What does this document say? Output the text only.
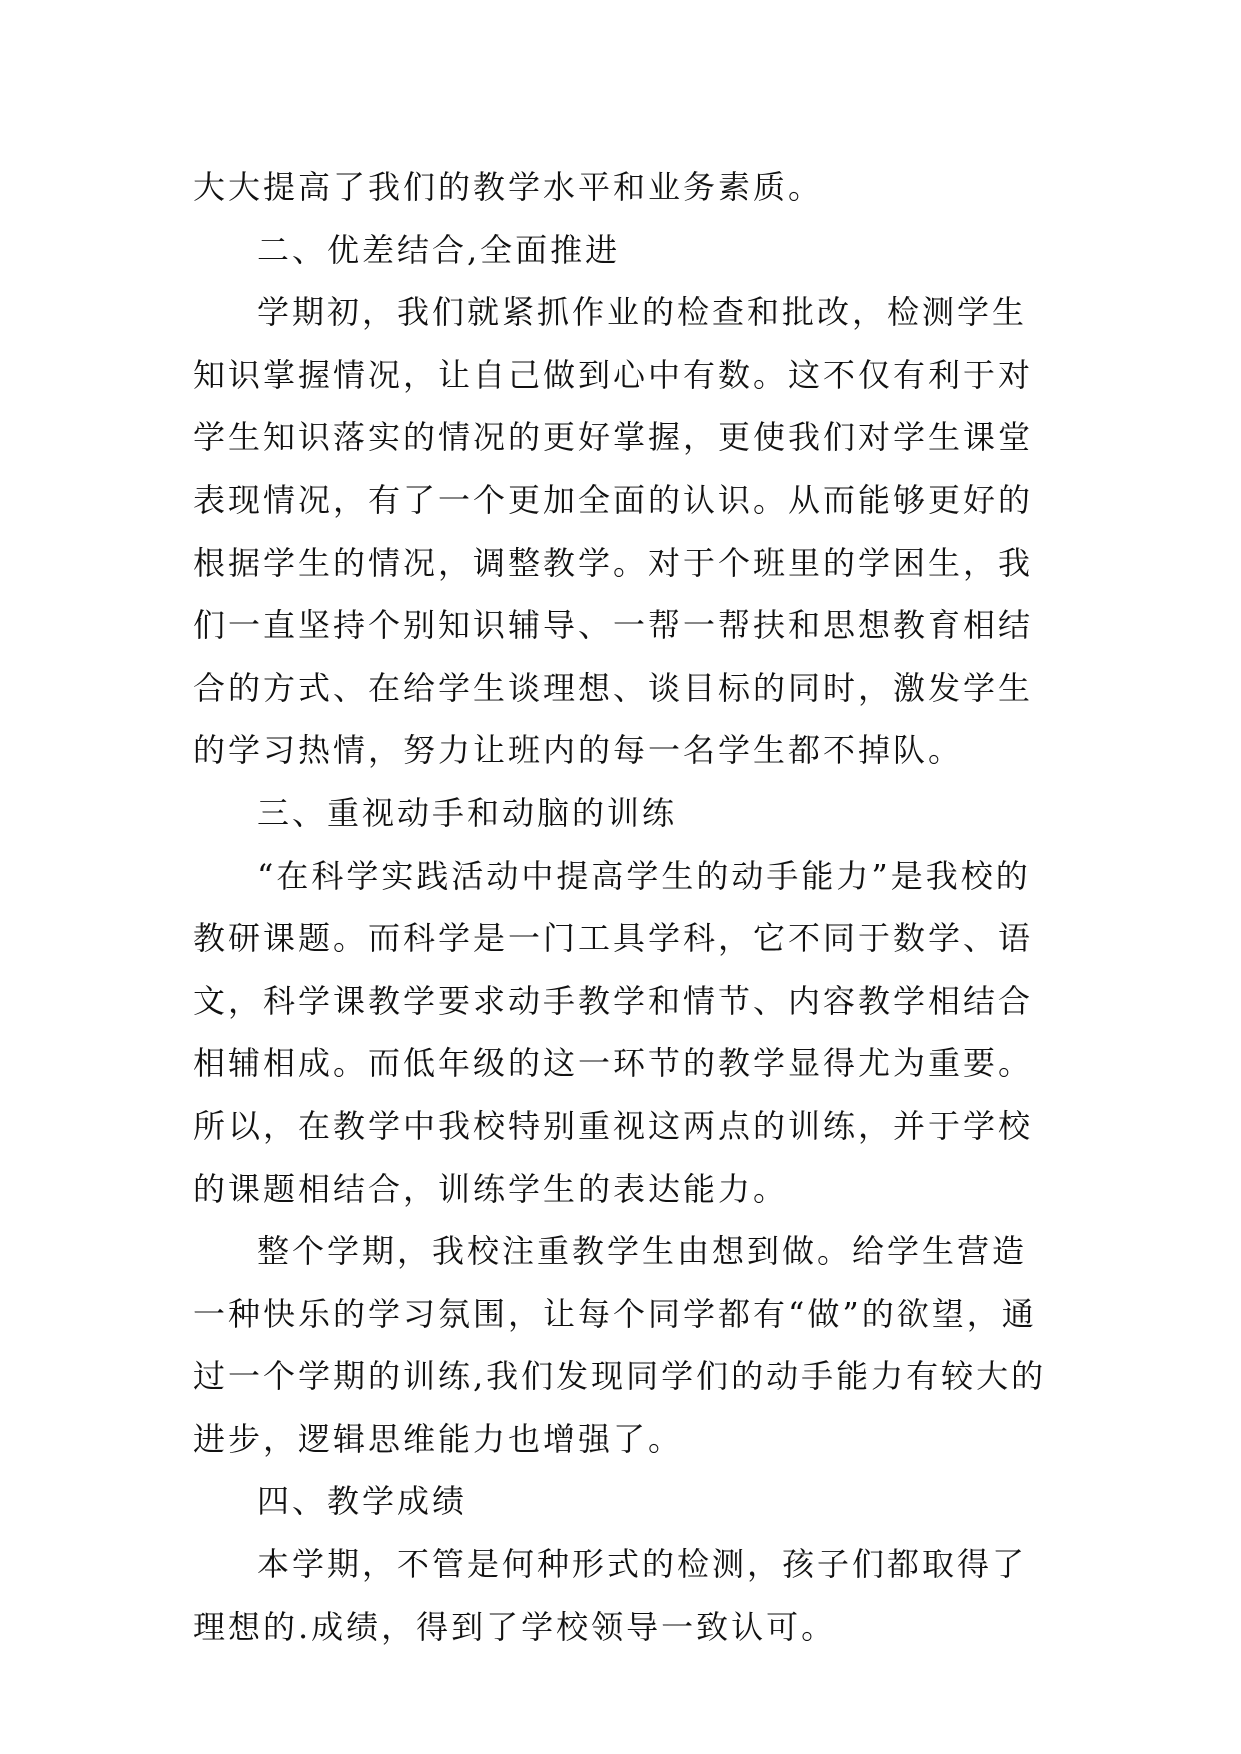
大大提高了我们的教学水平和业务素质。

二、优差结合,全面推进

学期初，我们就紧抓作业的检查和批改，检测学生知识掌握情况，让自己做到心中有数。这不仅有利于对学生知识落实的情况的更好掌握，更使我们对学生课堂表现情况，有了一个更加全面的认识。从而能够更好的根据学生的情况，调整教学。对于个班里的学困生，我们一直坚持个别知识辅导、一帮一帮扶和思想教育相结合的方式、在给学生谈理想、谈目标的同时，激发学生的学习热情，努力让班内的每一名学生都不掉队。

三、重视动手和动脑的训练

“在科学实践活动中提高学生的动手能力”是我校的教研课题。而科学是一门工具学科，它不同于数学、语文，科学课教学要求动手教学和情节、内容教学相结合相辅相成。而低年级的这一环节的教学显得尤为重要。所以，在教学中我校特别重视这两点的训练，并于学校的课题相结合，训练学生的表达能力。

整个学期，我校注重教学生由想到做。给学生营造一种快乐的学习氛围，让每个同学都有“做”的欲望，通过一个学期的训练,我们发现同学们的动手能力有较大的进步，逻辑思维能力也增强了。

四、教学成绩

本学期，不管是何种形式的检测，孩子们都取得了理想的.成绩，得到了学校领导一致认可。
